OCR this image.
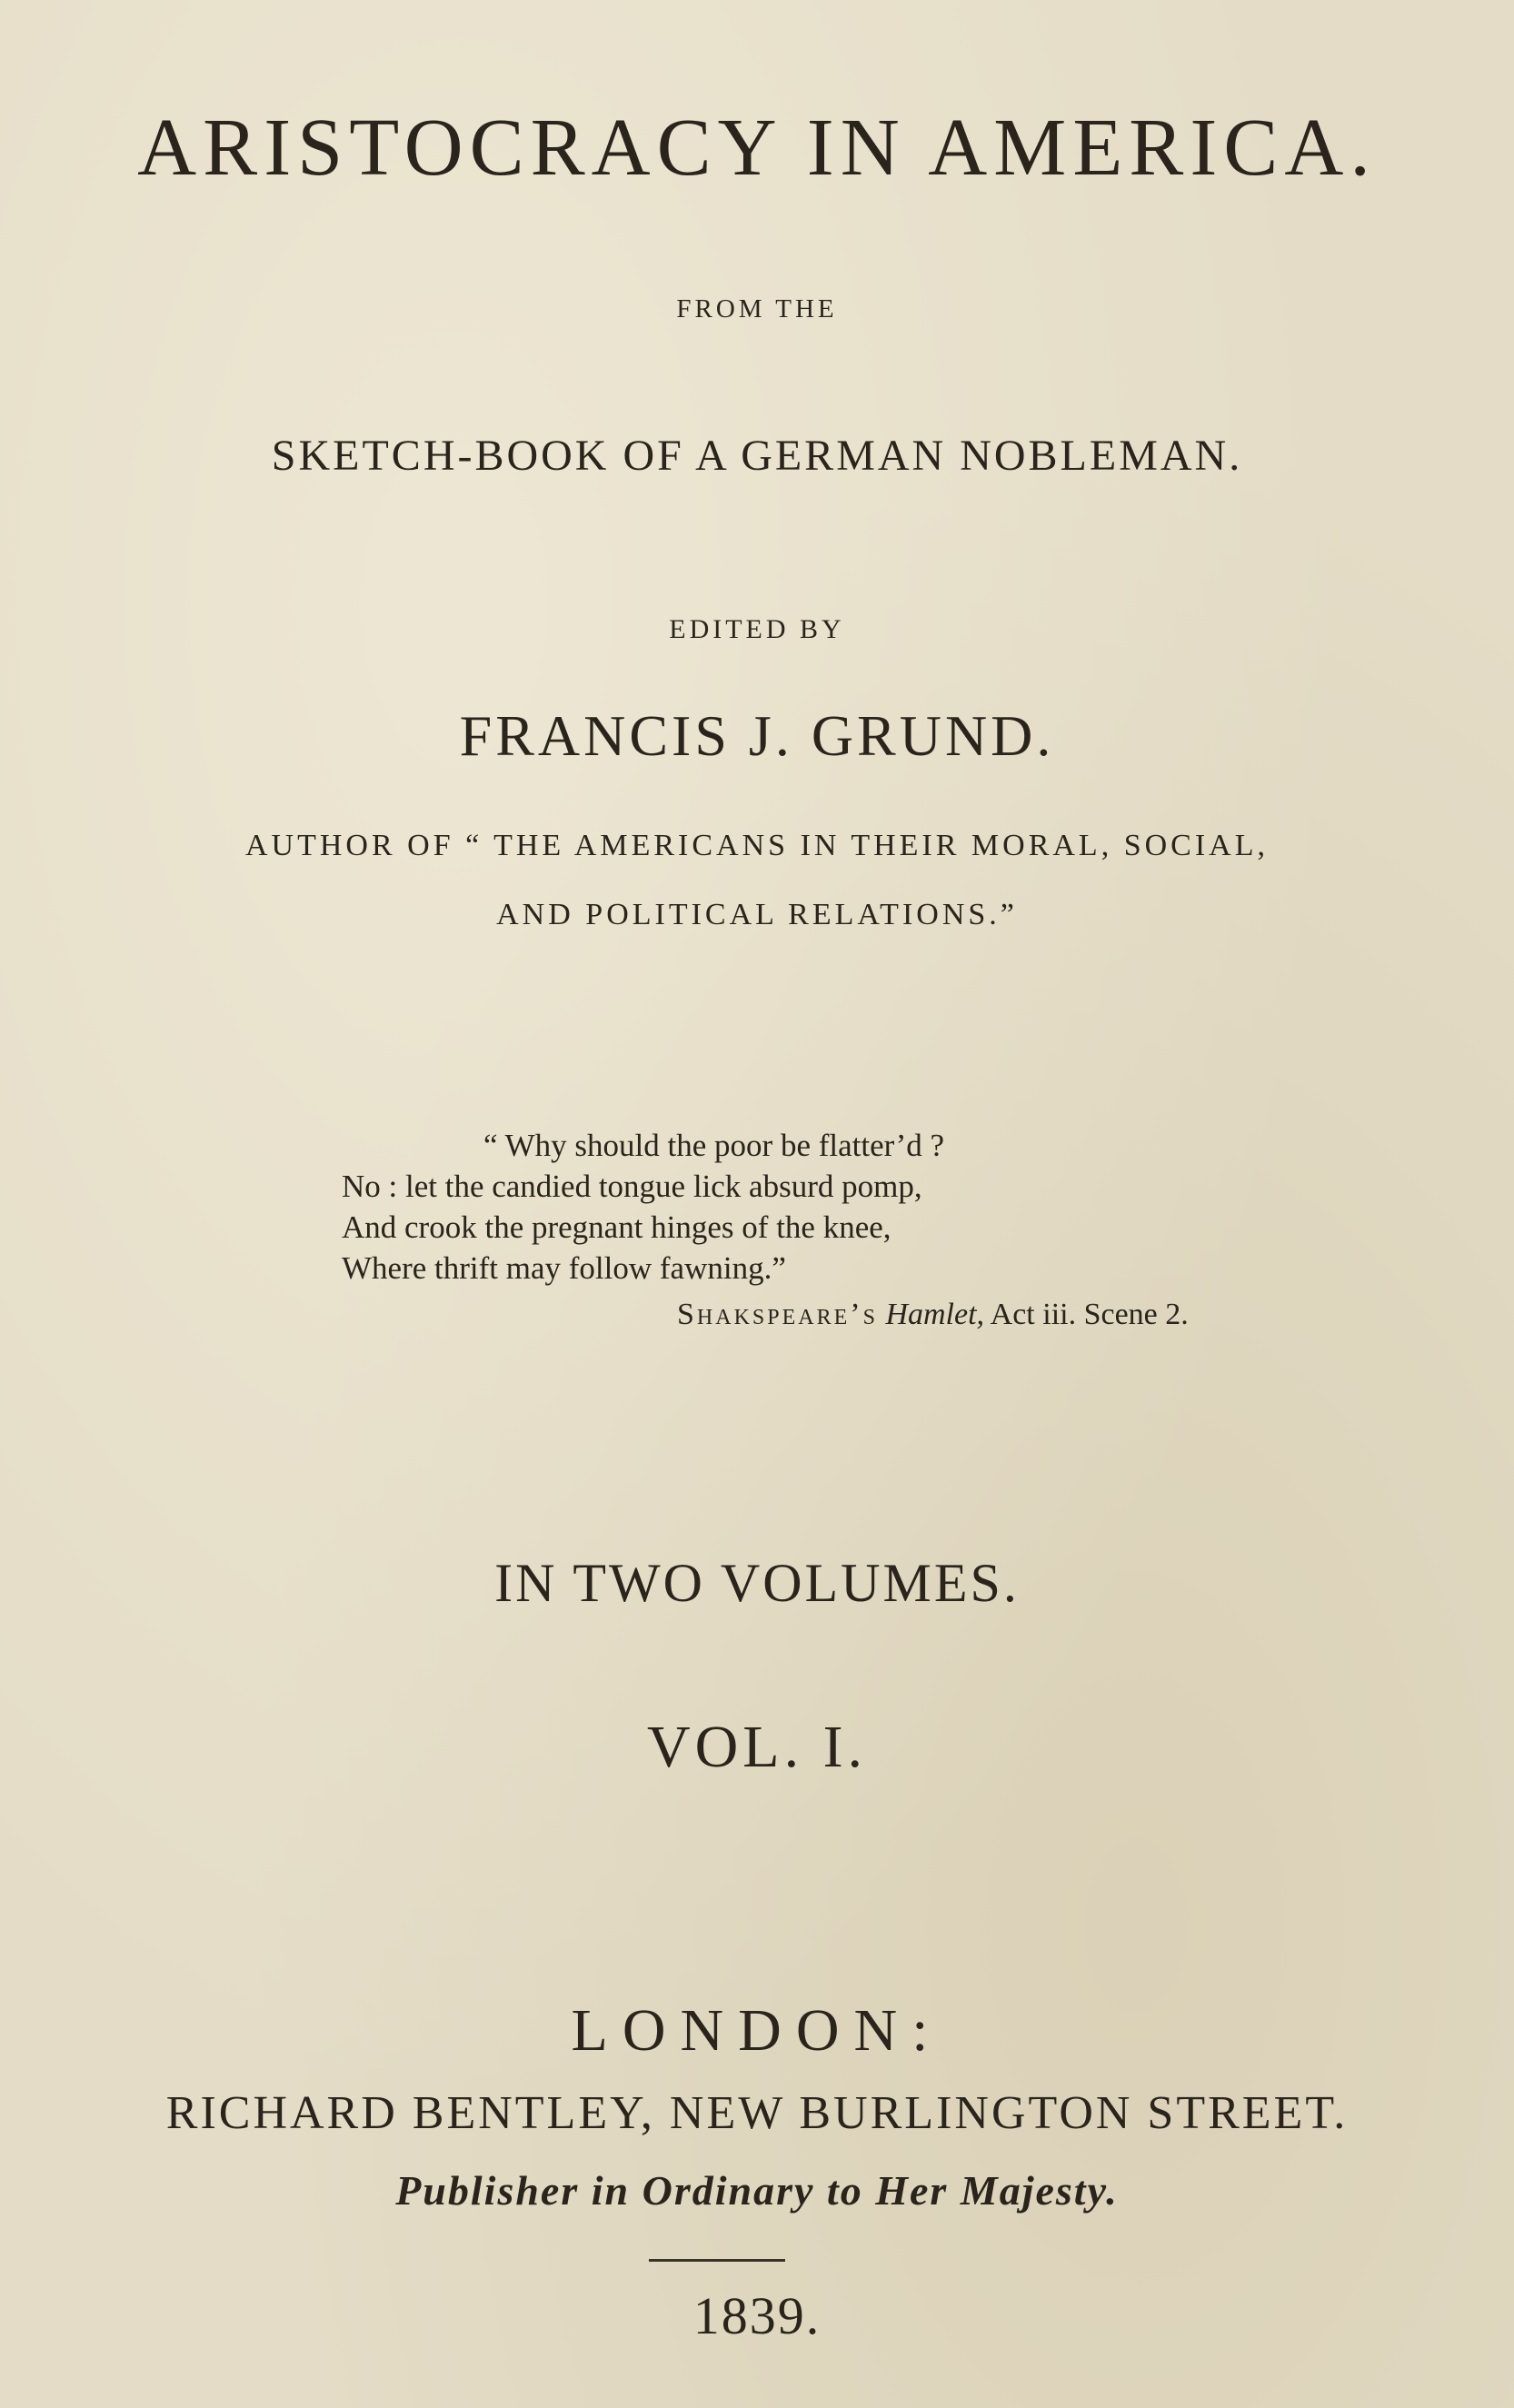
ARISTOCRACY IN AMERICA.
FROM THE
SKETCH-BOOK OF A GERMAN NOBLEMAN.
EDITED BY
FRANCIS J. GRUND.
AUTHOR OF “ THE AMERICANS IN THEIR MORAL, SOCIAL,
AND POLITICAL RELATIONS.”
“ Why should the poor be flatter’d ?
No : let the candied tongue lick absurd pomp,
And crook the pregnant hinges of the knee,
Where thrift may follow fawning.”
Shakspeare’s Hamlet, Act iii. Scene 2.
IN TWO VOLUMES.
VOL. I.
LONDON:
RICHARD BENTLEY, NEW BURLINGTON STREET.
Publisher in Ordinary to Her Majesty.
1839.
